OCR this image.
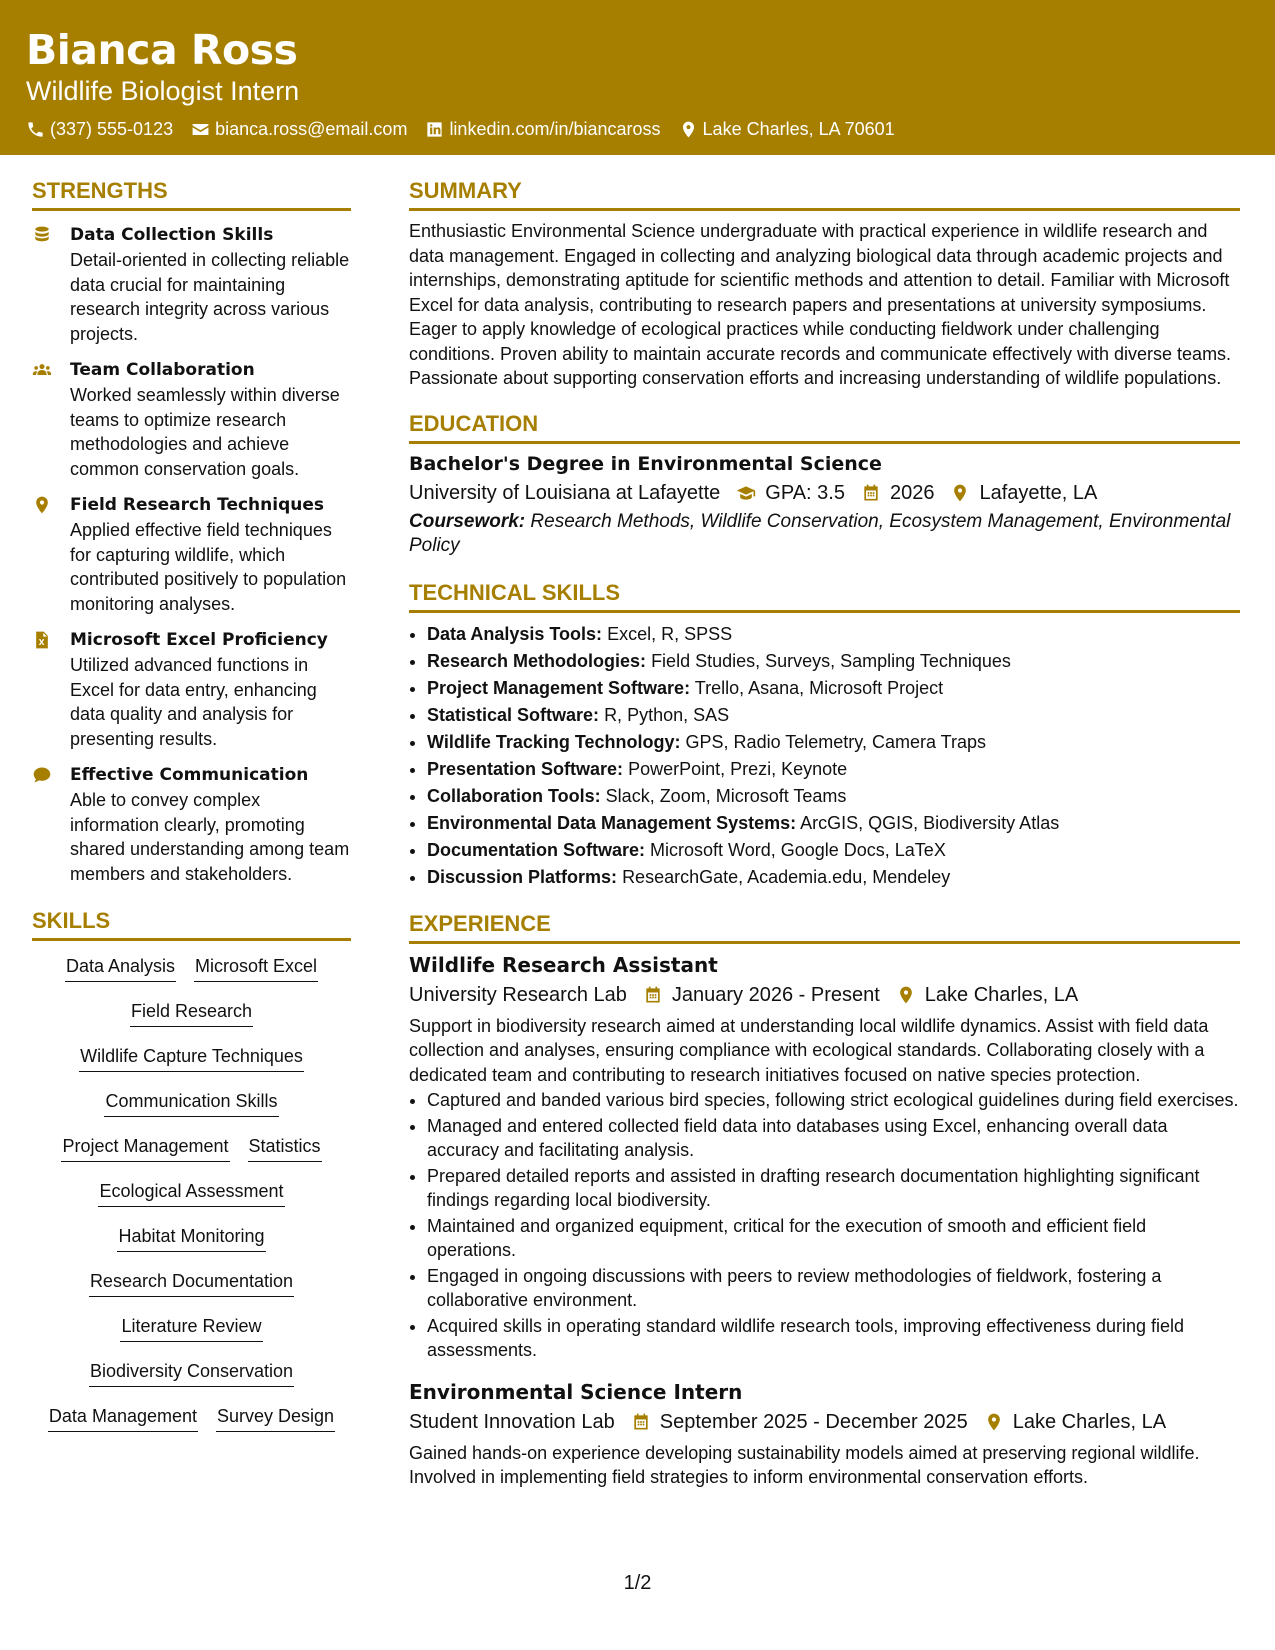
Bianca Ross
Wildlife Biologist Intern
(337) 555-0123 bianca.ross@email.com linkedin.com/in/biancaross Lake Charles, LA 70601
STRENGTHS
Data Collection Skills
Detail-oriented in collecting reliable data crucial for maintaining research integrity across various projects.
Team Collaboration
Worked seamlessly within diverse teams to optimize research methodologies and achieve common conservation goals.
Field Research Techniques
Applied effective field techniques for capturing wildlife, which contributed positively to population monitoring analyses.
Microsoft Excel Proficiency
Utilized advanced functions in Excel for data entry, enhancing data quality and analysis for presenting results.
Effective Communication
Able to convey complex information clearly, promoting shared understanding among team members and stakeholders.
SKILLS
Data Analysis Microsoft Excel
Field Research
Wildlife Capture Techniques
Communication Skills
Project Management Statistics
Ecological Assessment
Habitat Monitoring
Research Documentation
Literature Review
Biodiversity Conservation
Data Management Survey Design
SUMMARY
Enthusiastic Environmental Science undergraduate with practical experience in wildlife research and data management. Engaged in collecting and analyzing biological data through academic projects and internships, demonstrating aptitude for scientific methods and attention to detail. Familiar with Microsoft Excel for data analysis, contributing to research papers and presentations at university symposiums. Eager to apply knowledge of ecological practices while conducting fieldwork under challenging conditions. Proven ability to maintain accurate records and communicate effectively with diverse teams. Passionate about supporting conservation efforts and increasing understanding of wildlife populations.
EDUCATION
Bachelor's Degree in Environmental Science
University of Louisiana at Lafayette GPA: 3.5 2026 Lafayette, LA
Coursework: Research Methods, Wildlife Conservation, Ecosystem Management, Environmental Policy
TECHNICAL SKILLS
• Data Analysis Tools: Excel, R, SPSS
• Research Methodologies: Field Studies, Surveys, Sampling Techniques
• Project Management Software: Trello, Asana, Microsoft Project
• Statistical Software: R, Python, SAS
• Wildlife Tracking Technology: GPS, Radio Telemetry, Camera Traps
• Presentation Software: PowerPoint, Prezi, Keynote
• Collaboration Tools: Slack, Zoom, Microsoft Teams
• Environmental Data Management Systems: ArcGIS, QGIS, Biodiversity Atlas
• Documentation Software: Microsoft Word, Google Docs, LaTeX
• Discussion Platforms: ResearchGate, Academia.edu, Mendeley
EXPERIENCE
Wildlife Research Assistant
University Research Lab January 2026 - Present Lake Charles, LA
Support in biodiversity research aimed at understanding local wildlife dynamics. Assist with field data collection and analyses, ensuring compliance with ecological standards. Collaborating closely with a dedicated team and contributing to research initiatives focused on native species protection.
• Captured and banded various bird species, following strict ecological guidelines during field exercises.
• Managed and entered collected field data into databases using Excel, enhancing overall data accuracy and facilitating analysis.
• Prepared detailed reports and assisted in drafting research documentation highlighting significant findings regarding local biodiversity.
• Maintained and organized equipment, critical for the execution of smooth and efficient field operations.
• Engaged in ongoing discussions with peers to review methodologies of fieldwork, fostering a collaborative environment.
• Acquired skills in operating standard wildlife research tools, improving effectiveness during field assessments.
Environmental Science Intern
Student Innovation Lab September 2025 - December 2025 Lake Charles, LA
Gained hands-on experience developing sustainability models aimed at preserving regional wildlife. Involved in implementing field strategies to inform environmental conservation efforts.
1/2
